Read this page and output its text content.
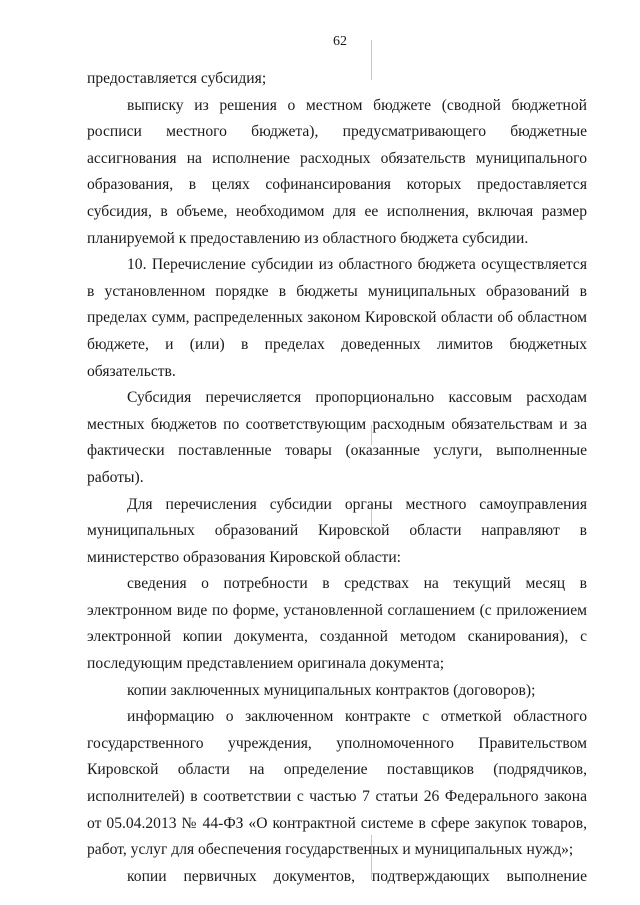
62

предоставляется субсидия;

выписку из решения о местном бюджете (сводной бюджетной росписи местного бюджета), предусматривающего бюджетные ассигнования на исполнение расходных обязательств муниципального образования, в целях софинансирования которых предоставляется субсидия, в объеме, необходимом для ее исполнения, включая размер планируемой к предоставлению из областного бюджета субсидии.

10. Перечисление субсидии из областного бюджета осуществляется в установленном порядке в бюджеты муниципальных образований в пределах сумм, распределенных законом Кировской области об областном бюджете, и (или) в пределах доведенных лимитов бюджетных обязательств.

Субсидия перечисляется пропорционально кассовым расходам местных бюджетов по соответствующим расходным обязательствам и за фактически поставленные товары (оказанные услуги, выполненные работы).

Для перечисления субсидии органы местного самоуправления муниципальных образований Кировской области направляют в министерство образования Кировской области:

сведения о потребности в средствах на текущий месяц в электронном виде по форме, установленной соглашением (с приложением электронной копии документа, созданной методом сканирования), с последующим представлением оригинала документа;

копии заключенных муниципальных контрактов (договоров);

информацию о заключенном контракте с отметкой областного государственного учреждения, уполномоченного Правительством Кировской области на определение поставщиков (подрядчиков, исполнителей) в соответствии с частью 7 статьи 26 Федерального закона от 05.04.2013 № 44-ФЗ «О контрактной системе в сфере закупок товаров, работ, услуг для обеспечения государственных и муниципальных нужд»;

копии первичных документов, подтверждающих выполнение
